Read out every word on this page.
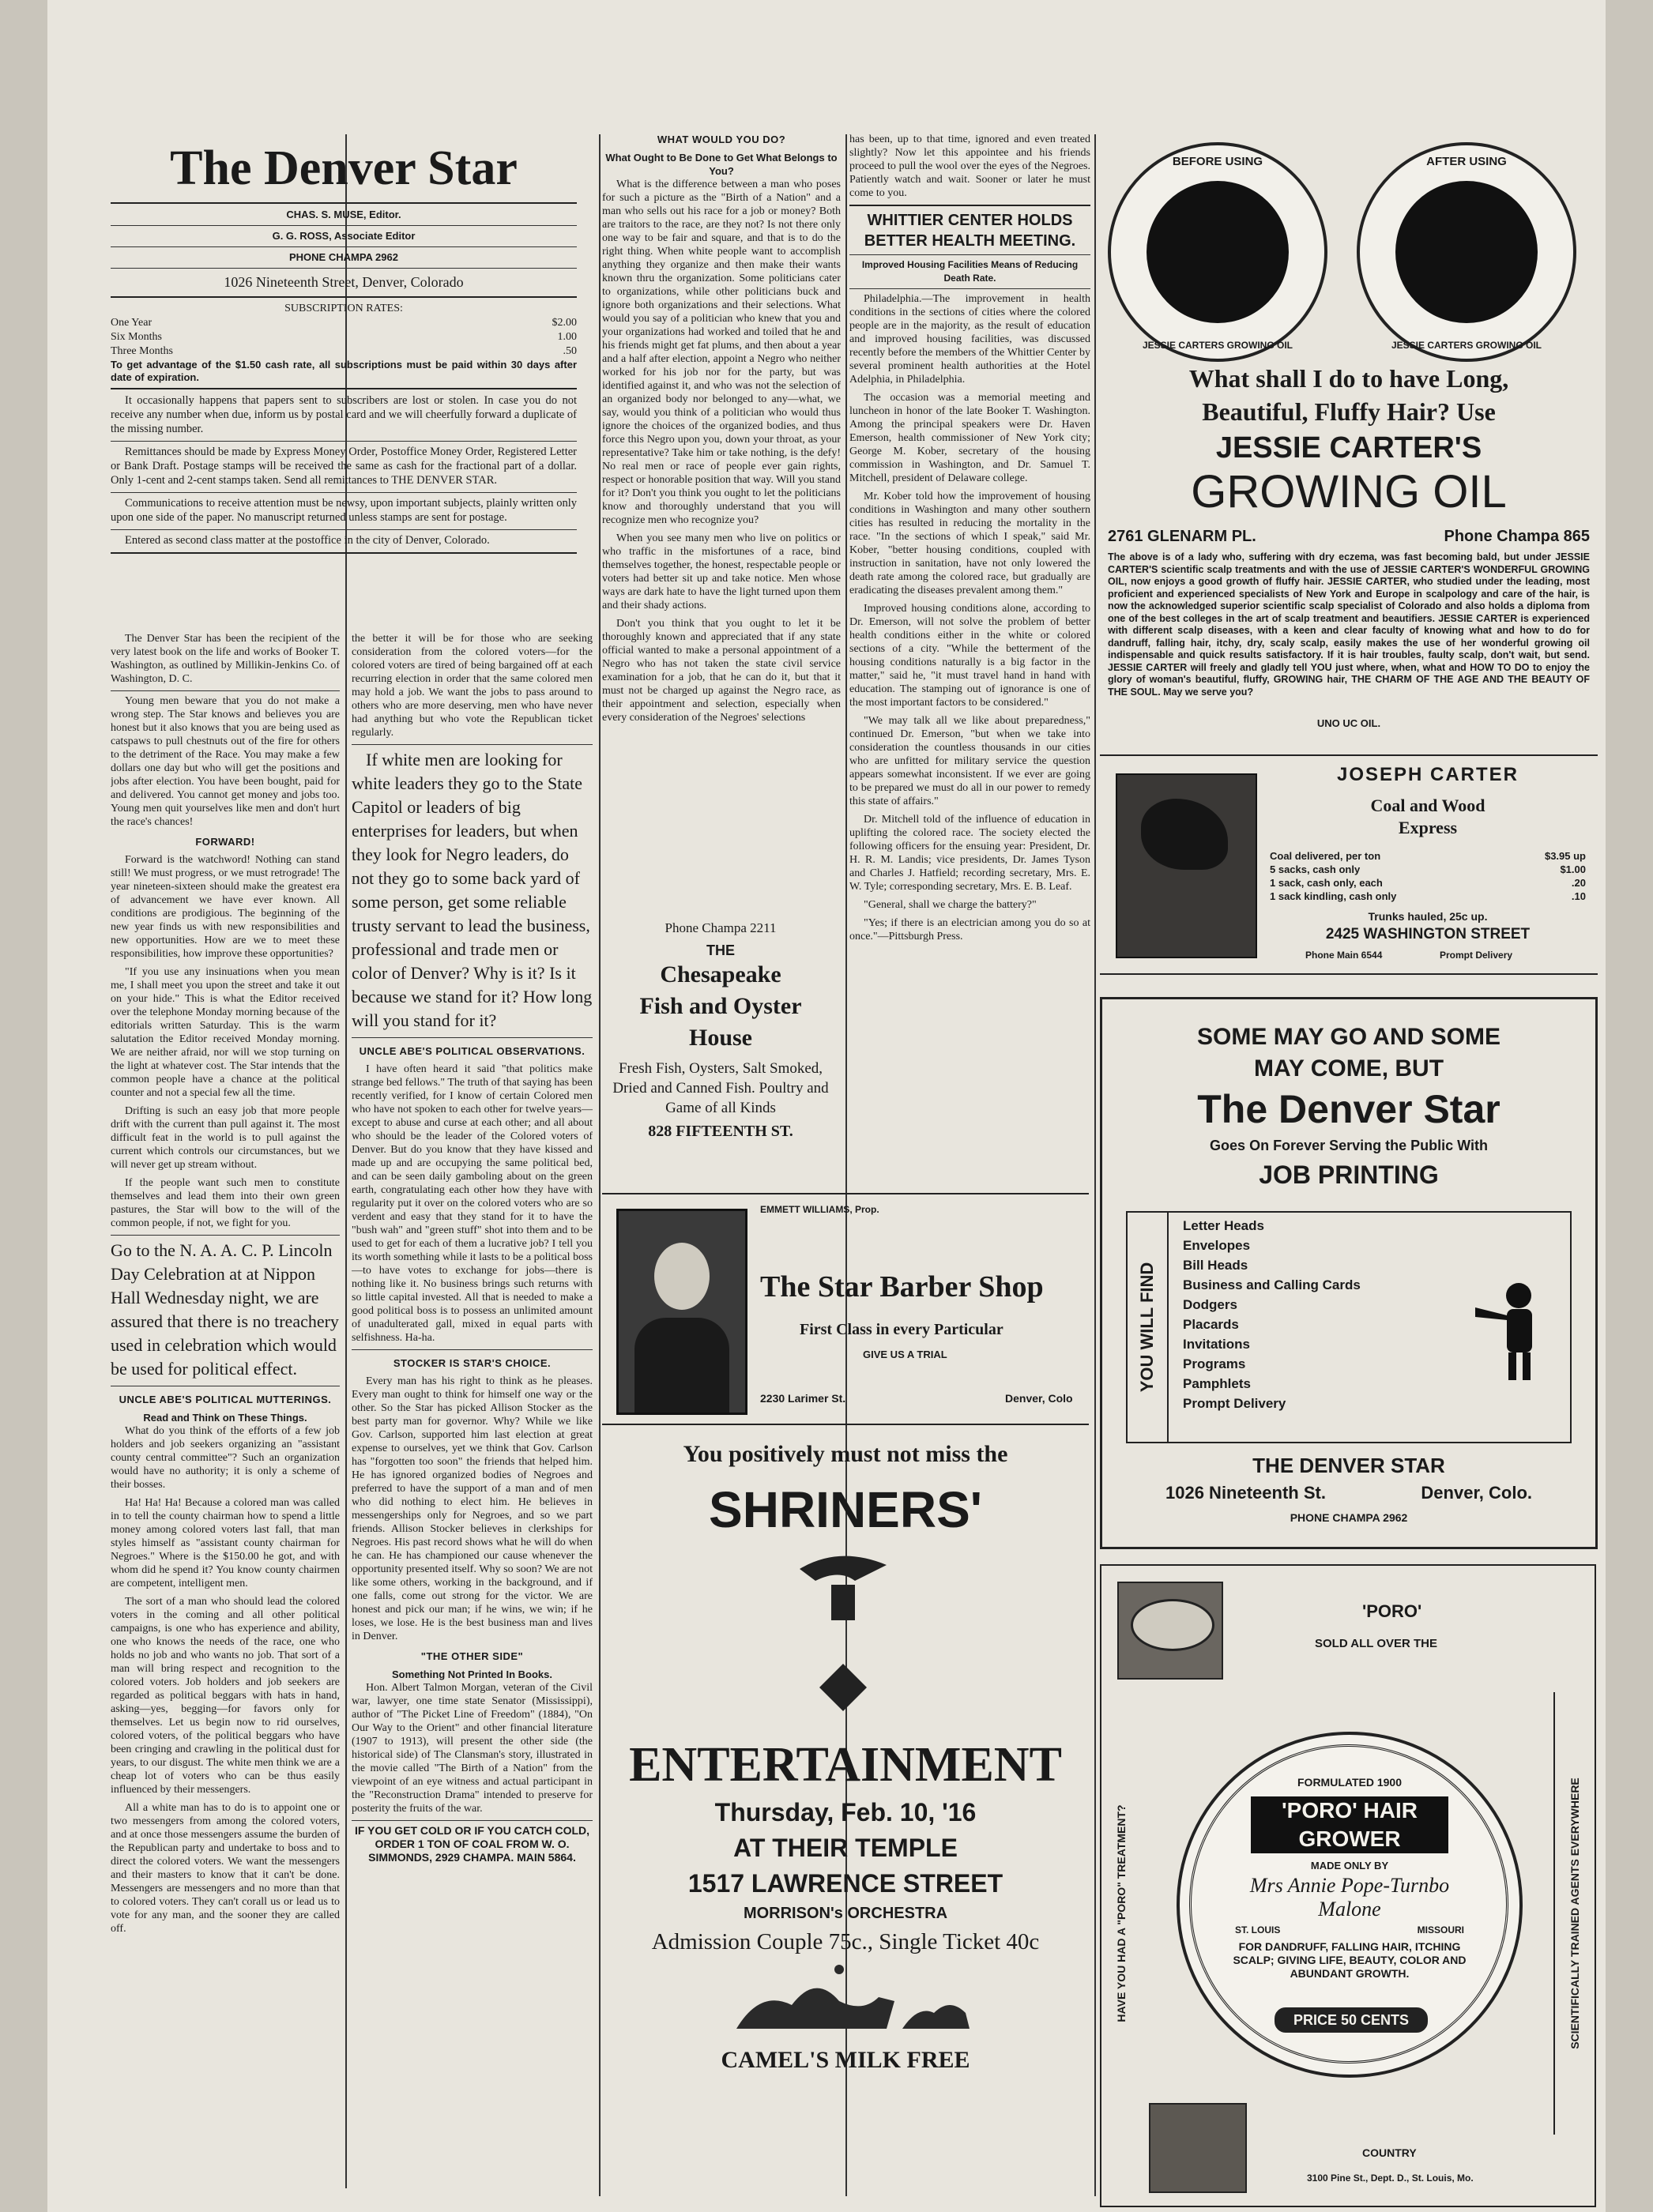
The Denver Star
CHAS. S. MUSE, Editor.
G. G. ROSS, Associate Editor
PHONE CHAMPA 2962
1026 Nineteenth Street, Denver, Colorado
SUBSCRIPTION RATES:
One Year	$2.00
Six Months	1.00
Three Months	.50
To get advantage of the $1.50 cash rate, all subscriptions must be paid within 30 days after date of expiration.

It occasionally happens that papers sent to subscribers are lost or stolen. In case you do not receive any number when due, inform us by postal card and we will cheerfully forward a duplicate of the missing number.

Remittances should be made by Express Money Order, Postoffice Money Order, Registered Letter or Bank Draft. Postage stamps will be received the same as cash for the fractional part of a dollar. Only 1-cent and 2-cent stamps taken. Send all remittances to THE DENVER STAR.

Communications to receive attention must be newsy, upon important subjects, plainly written only upon one side of the paper. No manuscript returned unless stamps are sent for postage.

Entered as second class matter at the postoffice in the city of Denver, Colorado.

The Denver Star has been the recipient of the very latest book on the life and works of Booker T. Washington, as outlined by Millikin-Jenkins Co. of Washington, D. C.

Young men beware that you do not make a wrong step. The Star knows and believes you are honest but it also knows that you are being used as catspaws to pull chestnuts out of the fire for others to the detriment of the Race. You may make a few dollars one day but who will get the positions and jobs after election. You have been bought, paid for and delivered. You cannot get money and jobs too. Young men quit yourselves like men and don't hurt the race's chances!

FORWARD!

Forward is the watchword! Nothing can stand still! We must progress, or we must retrograde! The year nineteen-sixteen should make the greatest era of advancement we have ever known. All conditions are prodigious. The beginning of the new year finds us with new responsibilities and new opportunities. How are we to meet these responsibilities, how improve these opportunities?

"If you use any insinuations when you mean me, I shall meet you upon the street and take it out on your hide." This is what the Editor received over the telephone Monday morning because of the editorials written Saturday. This is the warm salutation the Editor received Monday morning. We are neither afraid, nor will we stop turning on the light at whatever cost. The Star intends that the common people have a chance at the political counter and not a special few all the time.

Drifting is such an easy job that more people drift with the current than pull against it. The most difficult feat in the world is to pull against the current which controls our circumstances, but we will never get up stream without.

If the people want such men to constitute themselves and lead them into their own green pastures, the Star will bow to the will of the common people, if not, we fight for you.

Go to the N. A. A. C. P. Lincoln Day Celebration at at Nippon Hall Wednesday night, we are assured that there is no treachery used in celebration which would be used for political effect.

UNCLE ABE'S POLITICAL MUTTERINGS.
Read and Think on These Things.

What do you think of the efforts of a few job holders and job seekers organizing an "assistant county central committee"? Such an organization would have no authority; it is only a scheme of their bosses.

Ha! Ha! Ha! Because a colored man was called in to tell the county chairman how to spend a little money among colored voters last fall, that man styles himself as "assistant county chairman for Negroes." Where is the $150.00 he got, and with whom did he spend it? You know county chairmen are competent, intelligent men.

The sort of a man who should lead the colored voters in the coming and all other political campaigns, is one who has experience and ability, one who knows the needs of the race, one who holds no job and who wants no job. That sort of a man will bring respect and recognition to the colored voters. Job holders and job seekers are regarded as political beggars with hats in hand, asking—yes, begging—for favors only for themselves. Let us begin now to rid ourselves, colored voters, of the political beggars who have been cringing and crawling in the political dust for years, to our disgust. The white men think we are a cheap lot of voters who can be thus easily influenced by their messengers.

All a white man has to do is to appoint one or two messengers from among the colored voters, and at once those messengers assume the burden of the Republican party and undertake to boss and to direct the colored voters. We want the messengers and their masters to know that it can't be done. Messengers are messengers and no more than that to colored voters. They can't corall us or lead us to vote for any man, and the sooner they are called off.

the better it will be for those who are seeking consideration from the colored voters—for the colored voters are tired of being bargained off at each recurring election in order that the same colored men may hold a job. We want the jobs to pass around to others who are more deserving, men who have never had anything but who vote the Republican ticket regularly.

If white men are looking for white leaders they go to the State Capitol or leaders of big enterprises for leaders, but when they look for Negro leaders, do not they go to some back yard of some person, get some reliable trusty servant to lead the business, professional and trade men or color of Denver? Why is it? Is it because we stand for it? How long will you stand for it?

UNCLE ABE'S POLITICAL OBSERVATIONS.

I have often heard it said "that politics make strange bed fellows." The truth of that saying has been recently verified, for I know of certain Colored men who have not spoken to each other for twelve years—except to abuse and curse at each other; and all about who should be the leader of the Colored voters of Denver. But do you know that they have kissed and made up and are occupying the same political bed, and can be seen daily gamboling about on the green earth, congratulating each other how they have with regularity put it over on the colored voters who are so verdent and easy that they stand for it to have the "bush wah" and "green stuff" shot into them and to be used to get for each of them a lucrative job? I tell you its worth something while it lasts to be a political boss—to have votes to exchange for jobs—there is nothing like it. No business brings such returns with so little capital invested. All that is needed to make a good political boss is to possess an unlimited amount of unadulterated gall, mixed in equal parts with selfishness. Ha-ha.

STOCKER IS STAR'S CHOICE.

Every man has his right to think as he pleases. Every man ought to think for himself one way or the other. So the Star has picked Allison Stocker as the best party man for governor. Why? While we like Gov. Carlson, supported him last election at great expense to ourselves, yet we think that Gov. Carlson has "forgotten too soon" the friends that helped him. He has ignored organized bodies of Negroes and preferred to have the support of a man and of men who did nothing to elect him. He believes in messengerships only for Negroes, and so we part friends. Allison Stocker believes in clerkships for Negroes. His past record shows what he will do when he can. He has championed our cause whenever the opportunity presented itself. Why so soon? We are not like some others, working in the background, and if one falls, come out strong for the victor. We are honest and pick our man; if he wins, we win; if he loses, we lose. He is the best business man and lives in Denver.

"THE OTHER SIDE"
Something Not Printed In Books.

Hon. Albert Talmon Morgan, veteran of the Civil war, lawyer, one time state Senator (Mississippi), author of "The Picket Line of Freedom" (1884), "On Our Way to the Orient" and other financial literature (1907 to 1913), will present the other side (the historical side) of The Clansman's story, illustrated in the movie called "The Birth of a Nation" from the viewpoint of an eye witness and actual participant in the "Reconstruction Drama" intended to preserve for posterity the fruits of the war.

IF YOU GET COLD OR IF YOU CATCH COLD, ORDER 1 TON OF COAL FROM W. O. SIMMONDS, 2929 CHAMPA. MAIN 5864.

WHAT WOULD YOU DO?
What Ought to Be Done to Get What Belongs to You?

What is the difference between a man who poses for such a picture as the "Birth of a Nation" and a man who sells out his race for a job or money? Both are traitors to the race, are they not? Is not there only one way to be fair and square, and that is to do the right thing. When white people want to accomplish anything they organize and then make their wants known thru the organization. Some politicians cater to organizations, while other politicians buck and ignore both organizations and their selections. What would you say of a politician who knew that you and your organizations had worked and toiled that he and his friends might get fat plums, and then about a year and a half after election, appoint a Negro who neither worked for his job nor for the party, but was identified against it, and who was not the selection of an organized body nor belonged to any—what, we say, would you think of a politician who would thus ignore the choices of the organized bodies, and thus force this Negro upon you, down your throat, as your representative? Take him or take nothing, is the defy! No real men or race of people ever gain rights, respect or honorable position that way. Will you stand for it? Don't you think you ought to let the politicians know and thoroughly understand that you will recognize men who recognize you?

When you see many men who live on politics or who traffic in the misfortunes of a race, bind themselves together, the honest, respectable people or voters had better sit up and take notice. Men whose ways are dark hate to have the light turned upon them and their shady actions.

Don't you think that you ought to let it be thoroughly known and appreciated that if any state official wanted to make a personal appointment of a Negro who has not taken the state civil service examination for a job, that he can do it, but that it must not be charged up against the Negro race, as their appointment and selection, especially when every consideration of the Negroes' selections

has been, up to that time, ignored and even treated slightly? Now let this appointee and his friends proceed to pull the wool over the eyes of the Negroes. Patiently watch and wait. Sooner or later he must come to you.

WHITTIER CENTER HOLDS BETTER HEALTH MEETING.
Improved Housing Facilities Means of Reducing Death Rate.

Philadelphia.—The improvement in health conditions in the sections of cities where the colored people are in the majority, as the result of education and improved housing facilities, was discussed recently before the members of the Whittier Center by several prominent health authorities at the Hotel Adelphia, in Philadelphia.

The occasion was a memorial meeting and luncheon in honor of the late Booker T. Washington. Among the principal speakers were Dr. Haven Emerson, health commissioner of New York city; George M. Kober, secretary of the housing commission in Washington, and Dr. Samuel T. Mitchell, president of Delaware college.

Mr. Kober told how the improvement of housing conditions in Washington and many other southern cities has resulted in reducing the mortality in the race. "In the sections of which I speak," said Mr. Kober, "better housing conditions, coupled with instruction in sanitation, have not only lowered the death rate among the colored race, but gradually are eradicating the diseases prevalent among them."

Improved housing conditions alone, according to Dr. Emerson, will not solve the problem of better health conditions either in the white or colored sections of a city. "While the betterment of the housing conditions naturally is a big factor in the matter," said he, "it must travel hand in hand with education. The stamping out of ignorance is one of the most important factors to be considered."

"We may talk all we like about preparedness," continued Dr. Emerson, "but when we take into consideration the countless thousands in our cities who are unfitted for military service the question appears somewhat inconsistent. If we ever are going to be prepared we must do all in our power to remedy this state of affairs."

Dr. Mitchell told of the influence of education in uplifting the colored race. The society elected the following officers for the ensuing year: President, Dr. H. R. M. Landis; vice presidents, Dr. James Tyson and Charles J. Hatfield; recording secretary, Mrs. E. W. Tyle; corresponding secretary, Mrs. E. B. Leaf.

"General, shall we charge the battery?"

"Yes; if there is an electrician among you do so at once."—Pittsburgh Press.

Phone Champa 2211
THE
Chesapeake
Fish and Oyster
House
Fresh Fish, Oysters, Salt Smoked, Dried and Canned Fish. Poultry and Game of all Kinds
828 FIFTEENTH ST.
EMMETT WILLIAMS, Prop.
The Star Barber Shop
First Class in every Particular
GIVE US A TRIAL
2230 Larimer St.	Denver, Colo
You positively must not miss the
SHRINERS'
ENTERTAINMENT
Thursday, Feb. 10, '16
AT THEIR TEMPLE
1517 LAWRENCE STREET
MORRISON's ORCHESTRA
Admission Couple 75c., Single Ticket 40c
CAMEL'S MILK FREE
BEFORE USING
JESSIE CARTERS GROWING OIL
AFTER USING
JESSIE CARTERS GROWING OIL
What shall I do to have Long,
Beautiful, Fluffy Hair? Use
JESSIE CARTER'S
GROWING OIL
2761 GLENARM PL.	Phone Champa 865
The above is of a lady who, suffering with dry eczema, was fast becoming bald, but under JESSIE CARTER'S scientific scalp treatments and with the use of JESSIE CARTER'S WONDERFUL GROWING OIL, now enjoys a good growth of fluffy hair. JESSIE CARTER, who studied under the leading, most proficient and experienced specialists of New York and Europe in scalpology and care of the hair, is now the acknowledged superior scientific scalp specialist of Colorado and also holds a diploma from one of the best colleges in the art of scalp treatment and beautifiers. JESSIE CARTER is experienced with different scalp diseases, with a keen and clear faculty of knowing what and how to do for dandruff, falling hair, itchy, dry, scaly scalp, easily makes the use of her wonderful growing oil indispensable and quick results satisfactory. If it is hair troubles, faulty scalp, don't wait, but send. JESSIE CARTER will freely and gladly tell YOU just where, when, what and HOW TO DO to enjoy the glory of woman's beautiful, fluffy, GROWING hair, THE CHARM OF THE AGE AND THE BEAUTY OF THE SOUL. May we serve you?
UNO UC OIL.
JOSEPH CARTER
Coal and Wood
Express
Coal delivered, per ton	$3.95 up
5 sacks, cash only	$1.00
1 sack, cash only, each	.20
1 sack kindling, cash only	.10
Trunks hauled, 25c up.
2425 WASHINGTON STREET
Phone Main 6544	Prompt Delivery
SOME MAY GO AND SOME
MAY COME, BUT
The Denver Star
Goes On Forever Serving the Public With
JOB PRINTING
YOU WILL FIND
Letter Heads
Envelopes
Bill Heads
Business and Calling Cards
Dodgers
Placards
Invitations
Programs
Pamphlets
Prompt Delivery
THE DENVER STAR
1026 Nineteenth St.	Denver, Colo.
PHONE CHAMPA 2962
'PORO'
SOLD ALL OVER THE
HAVE YOU HAD A "PORO" TREATMENT?	SCIENTIFICALLY TRAINED AGENTS EVERYWHERE
FORMULATED 1900
'PORO' HAIR GROWER
MADE ONLY BY
Mrs Annie Pope-Turnbo Malone
ST. LOUIS	MISSOURI
FOR DANDRUFF, FALLING HAIR, ITCHING SCALP; GIVING LIFE, BEAUTY, COLOR AND ABUNDANT GROWTH.
PRICE 50 CENTS
COUNTRY
3100 Pine St., Dept. D., St. Louis, Mo.
